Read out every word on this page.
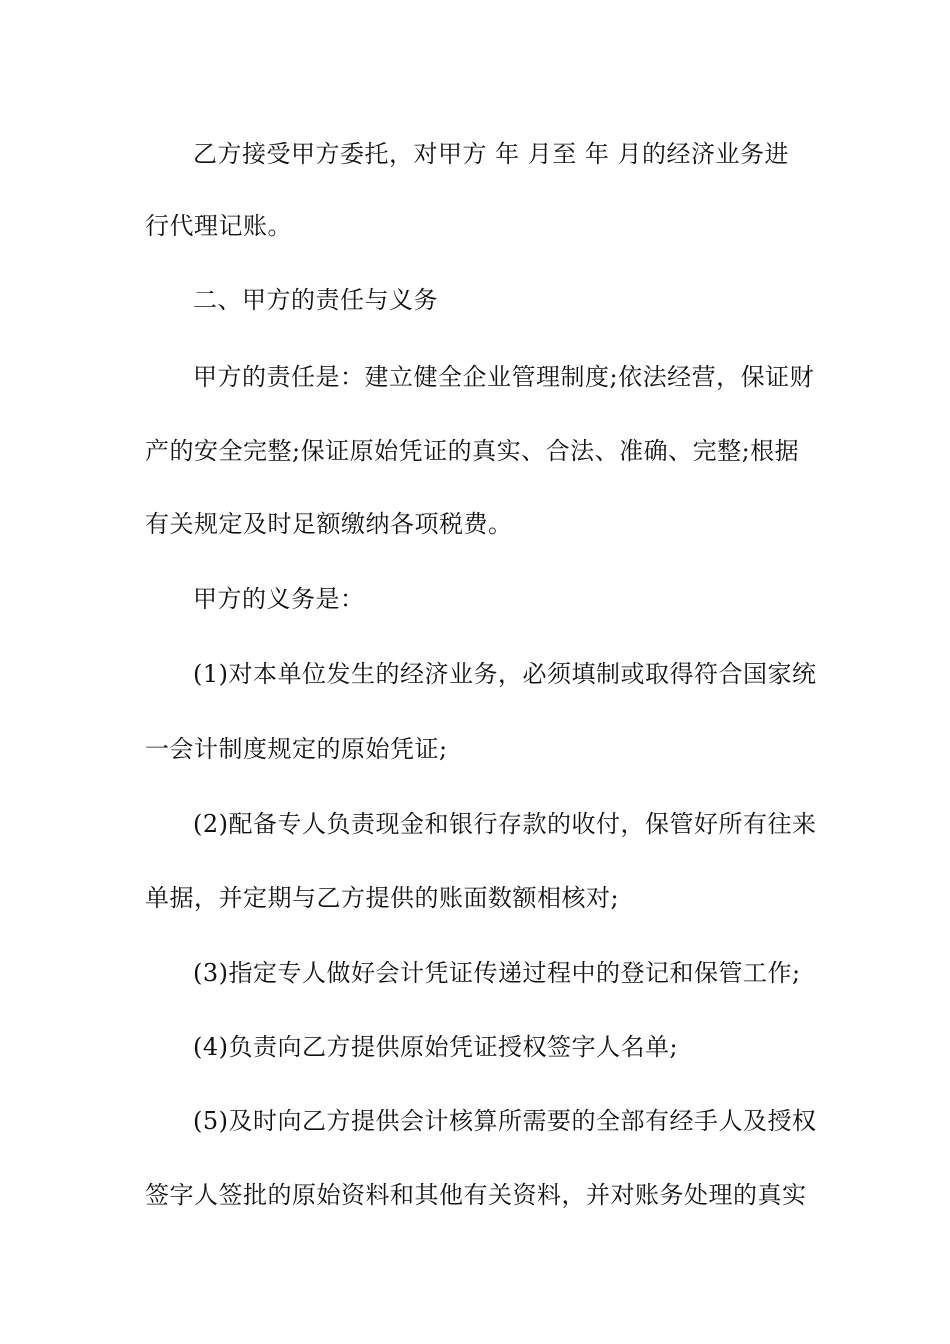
乙方接受甲方委托，对甲方 年 月至 年 月的经济业务进
行代理记账。
二、甲方的责任与义务
甲方的责任是：建立健全企业管理制度;依法经营，保证财
产的安全完整;保证原始凭证的真实、合法、准确、完整;根据
有关规定及时足额缴纳各项税费。
甲方的义务是：
(1)对本单位发生的经济业务，必须填制或取得符合国家统
一会计制度规定的原始凭证;
(2)配备专人负责现金和银行存款的收付，保管好所有往来
单据，并定期与乙方提供的账面数额相核对;
(3)指定专人做好会计凭证传递过程中的登记和保管工作;
(4)负责向乙方提供原始凭证授权签字人名单;
(5)及时向乙方提供会计核算所需要的全部有经手人及授权
签字人签批的原始资料和其他有关资料，并对账务处理的真实
